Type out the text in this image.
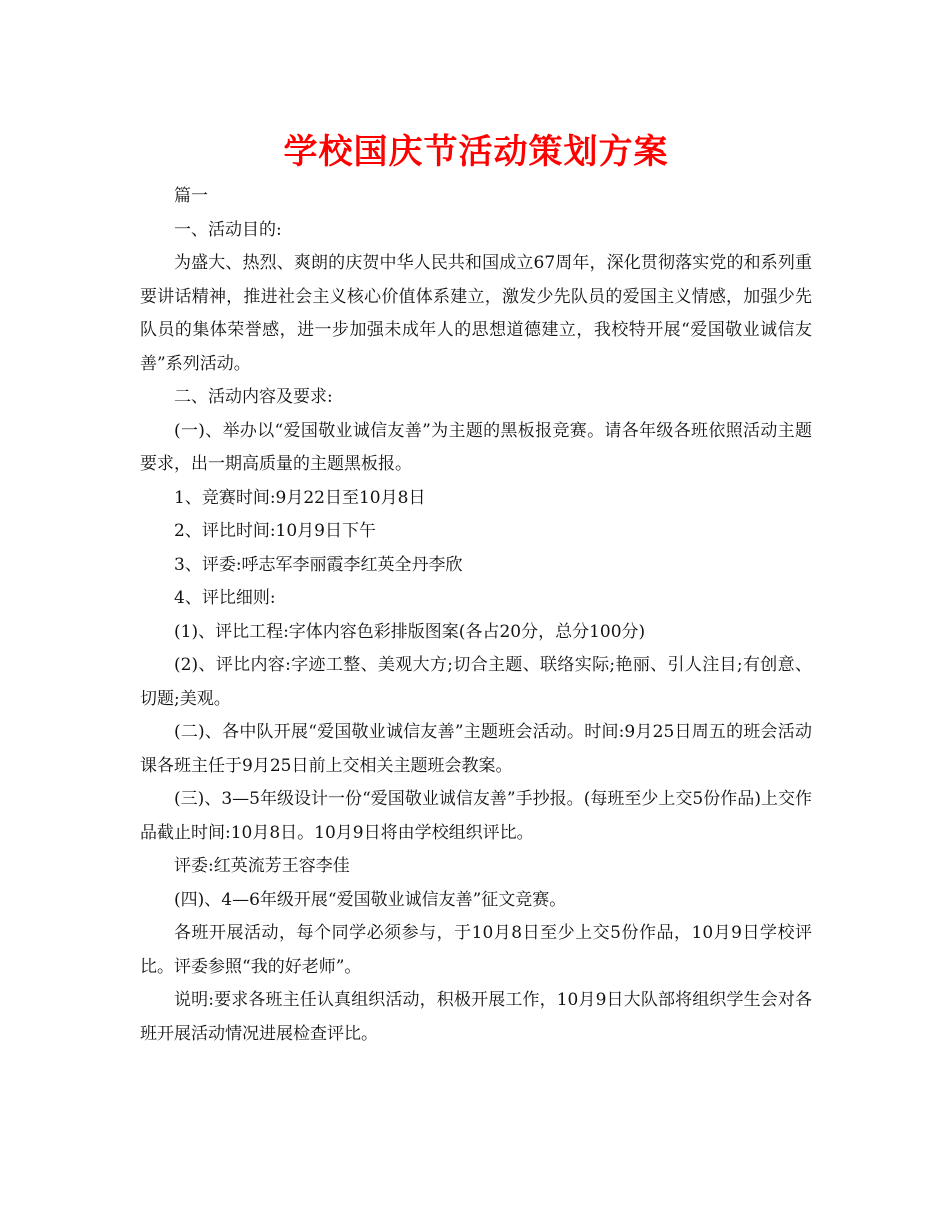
学校国庆节活动策划方案

篇一

一、活动目的:

为盛大、热烈、爽朗的庆贺中华人民共和国成立67周年，深化贯彻落实党的和系列重要讲话精神，推进社会主义核心价值体系建立，激发少先队员的爱国主义情感，加强少先队员的集体荣誉感，进一步加强未成年人的思想道德建立，我校特开展“爱国敬业诚信友善”系列活动。

二、活动内容及要求:

(一)、举办以“爱国敬业诚信友善”为主题的黑板报竞赛。请各年级各班依照活动主题要求，出一期高质量的主题黑板报。

1、竞赛时间:9月22日至10月8日

2、评比时间:10月9日下午

3、评委:呼志军李丽霞李红英全丹李欣

4、评比细则:

(1)、评比工程:字体内容色彩排版图案(各占20分，总分100分)

(2)、评比内容:字迹工整、美观大方;切合主题、联络实际;艳丽、引人注目;有创意、切题;美观。

(二)、各中队开展“爱国敬业诚信友善”主题班会活动。时间:9月25日周五的班会活动课各班主任于9月25日前上交相关主题班会教案。

(三)、3—5年级设计一份“爱国敬业诚信友善”手抄报。(每班至少上交5份作品)上交作品截止时间:10月8日。10月9日将由学校组织评比。

评委:红英流芳王容李佳

(四)、4—6年级开展“爱国敬业诚信友善”征文竞赛。

各班开展活动，每个同学必须参与，于10月8日至少上交5份作品，10月9日学校评比。评委参照“我的好老师”。

说明:要求各班主任认真组织活动，积极开展工作，10月9日大队部将组织学生会对各班开展活动情况进展检查评比。
